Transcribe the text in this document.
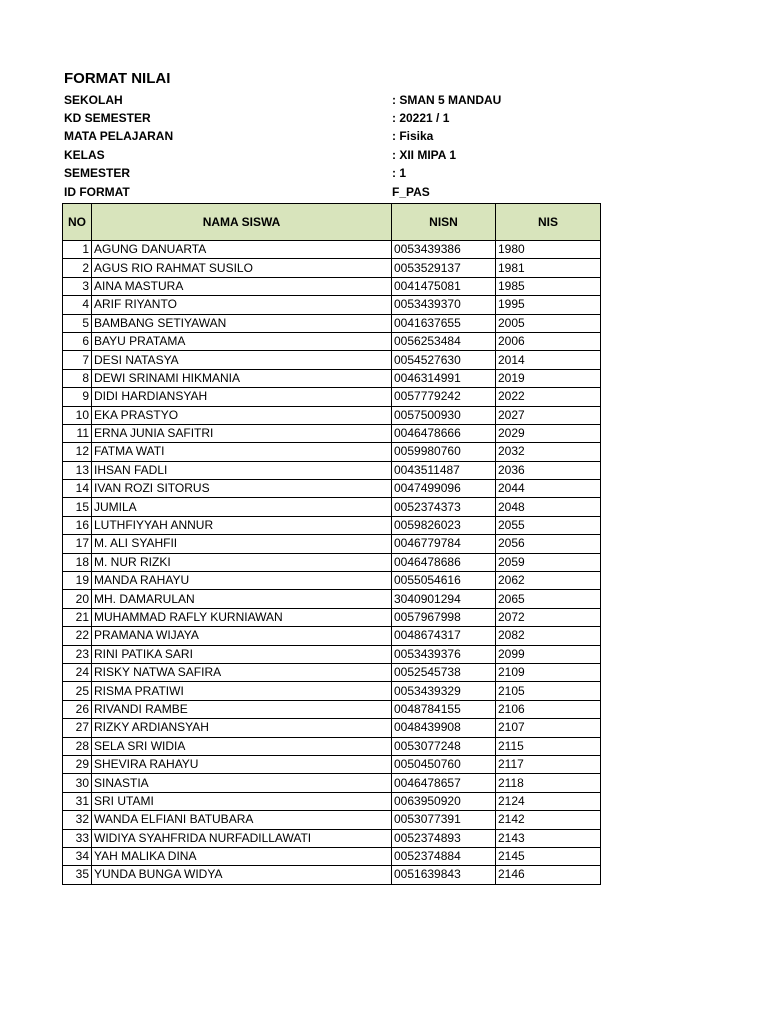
FORMAT NILAI
SEKOLAH	: SMAN 5 MANDAU
KD SEMESTER	: 20221 / 1
MATA PELAJARAN	: Fisika
KELAS	: XII MIPA 1
SEMESTER	: 1
ID FORMAT	F_PAS
NO	NAMA SISWA	NISN	NIS
1	AGUNG DANUARTA	0053439386	1980
2	AGUS RIO RAHMAT SUSILO	0053529137	1981
3	AINA MASTURA	0041475081	1985
4	ARIF RIYANTO	0053439370	1995
5	BAMBANG SETIYAWAN	0041637655	2005
6	BAYU PRATAMA	0056253484	2006
7	DESI NATASYA	0054527630	2014
8	DEWI SRINAMI HIKMANIA	0046314991	2019
9	DIDI HARDIANSYAH	0057779242	2022
10	EKA PRASTYO	0057500930	2027
11	ERNA JUNIA SAFITRI	0046478666	2029
12	FATMA WATI	0059980760	2032
13	IHSAN FADLI	0043511487	2036
14	IVAN ROZI SITORUS	0047499096	2044
15	JUMILA	0052374373	2048
16	LUTHFIYYAH ANNUR	0059826023	2055
17	M. ALI SYAHFII	0046779784	2056
18	M. NUR RIZKI	0046478686	2059
19	MANDA RAHAYU	0055054616	2062
20	MH. DAMARULAN	3040901294	2065
21	MUHAMMAD RAFLY KURNIAWAN	0057967998	2072
22	PRAMANA WIJAYA	0048674317	2082
23	RINI PATIKA SARI	0053439376	2099
24	RISKY NATWA SAFIRA	0052545738	2109
25	RISMA PRATIWI	0053439329	2105
26	RIVANDI RAMBE	0048784155	2106
27	RIZKY ARDIANSYAH	0048439908	2107
28	SELA SRI WIDIA	0053077248	2115
29	SHEVIRA RAHAYU	0050450760	2117
30	SINASTIA	0046478657	2118
31	SRI UTAMI	0063950920	2124
32	WANDA ELFIANI BATUBARA	0053077391	2142
33	WIDIYA SYAHFRIDA NURFADILLAWATI	0052374893	2143
34	YAH MALIKA DINA	0052374884	2145
35	YUNDA BUNGA WIDYA	0051639843	2146
